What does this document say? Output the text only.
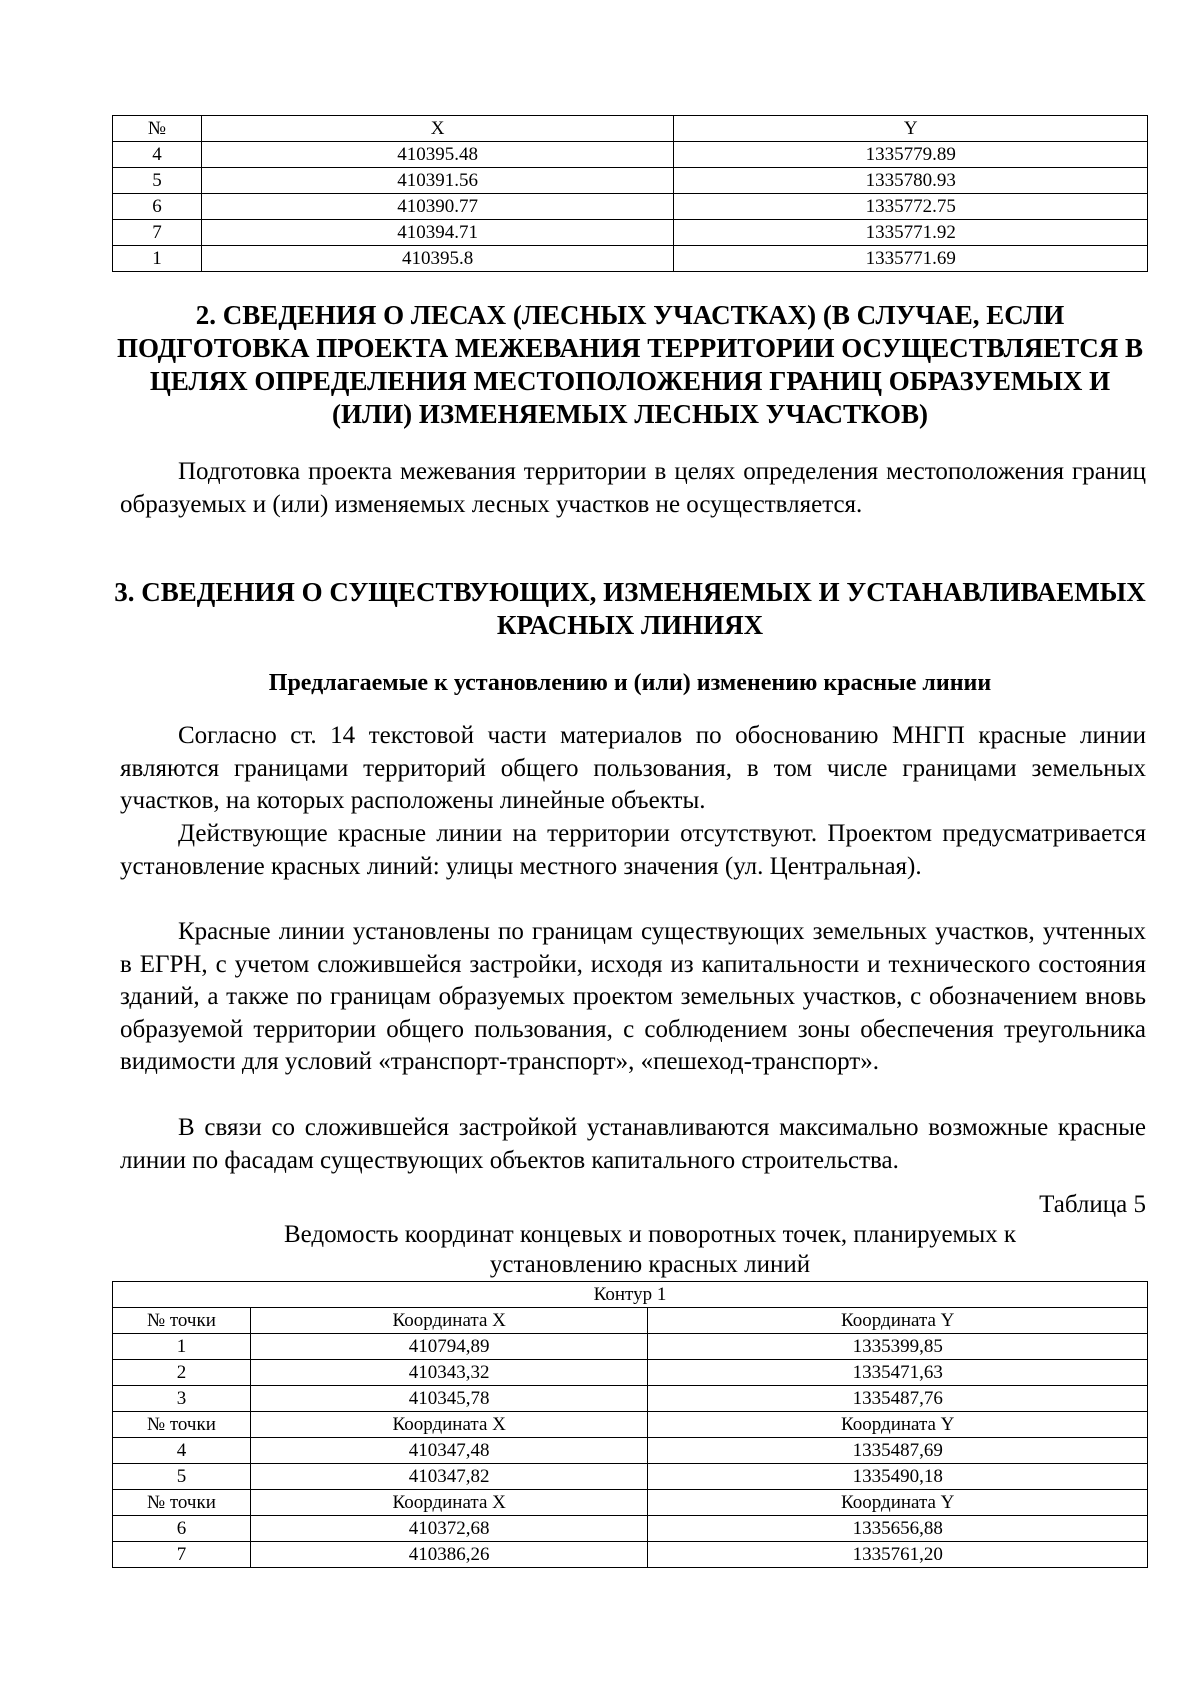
№	X	Y
4	410395.48	1335779.89
5	410391.56	1335780.93
6	410390.77	1335772.75
7	410394.71	1335771.92
1	410395.8	1335771.69
2. СВЕДЕНИЯ О ЛЕСАХ (ЛЕСНЫХ УЧАСТКАХ) (В СЛУЧАЕ, ЕСЛИ ПОДГОТОВКА ПРОЕКТА МЕЖЕВАНИЯ ТЕРРИТОРИИ ОСУЩЕСТВЛЯЕТСЯ В ЦЕЛЯХ ОПРЕДЕЛЕНИЯ МЕСТОПОЛОЖЕНИЯ ГРАНИЦ ОБРАЗУЕМЫХ И (ИЛИ) ИЗМЕНЯЕМЫХ ЛЕСНЫХ УЧАСТКОВ)

Подготовка проекта межевания территории в целях определения местоположения границ образуемых и (или) изменяемых лесных участков не осуществляется.

3. СВЕДЕНИЯ О СУЩЕСТВУЮЩИХ, ИЗМЕНЯЕМЫХ И УСТАНАВЛИВАЕМЫХ КРАСНЫХ ЛИНИЯХ
Предлагаемые к установлению и (или) изменению красные линии

Согласно ст. 14 текстовой части материалов по обоснованию МНГП красные линии являются границами территорий общего пользования, в том числе границами земельных участков, на которых расположены линейные объекты.

Действующие красные линии на территории отсутствуют. Проектом предусматривается установление красных линий: улицы местного значения (ул. Центральная).

Красные линии установлены по границам существующих земельных участков, учтенных в ЕГРН, с учетом сложившейся застройки, исходя из капитальности и технического состояния зданий, а также по границам образуемых проектом земельных участков, с обозначением вновь образуемой территории общего пользования, с соблюдением зоны обеспечения треугольника видимости для условий «транспорт-транспорт», «пешеход-транспорт».

В связи со сложившейся застройкой устанавливаются максимально возможные красные линии по фасадам существующих объектов капитального строительства.

Таблица 5
Ведомость координат концевых и поворотных точек, планируемых к установлению красных линий
Контур 1		
№ точки	Координата X	Координата Y
1	410794,89	1335399,85
2	410343,32	1335471,63
3	410345,78	1335487,76
№ точки	Координата X	Координата Y
4	410347,48	1335487,69
5	410347,82	1335490,18
№ точки	Координата X	Координата Y
6	410372,68	1335656,88
7	410386,26	1335761,20
